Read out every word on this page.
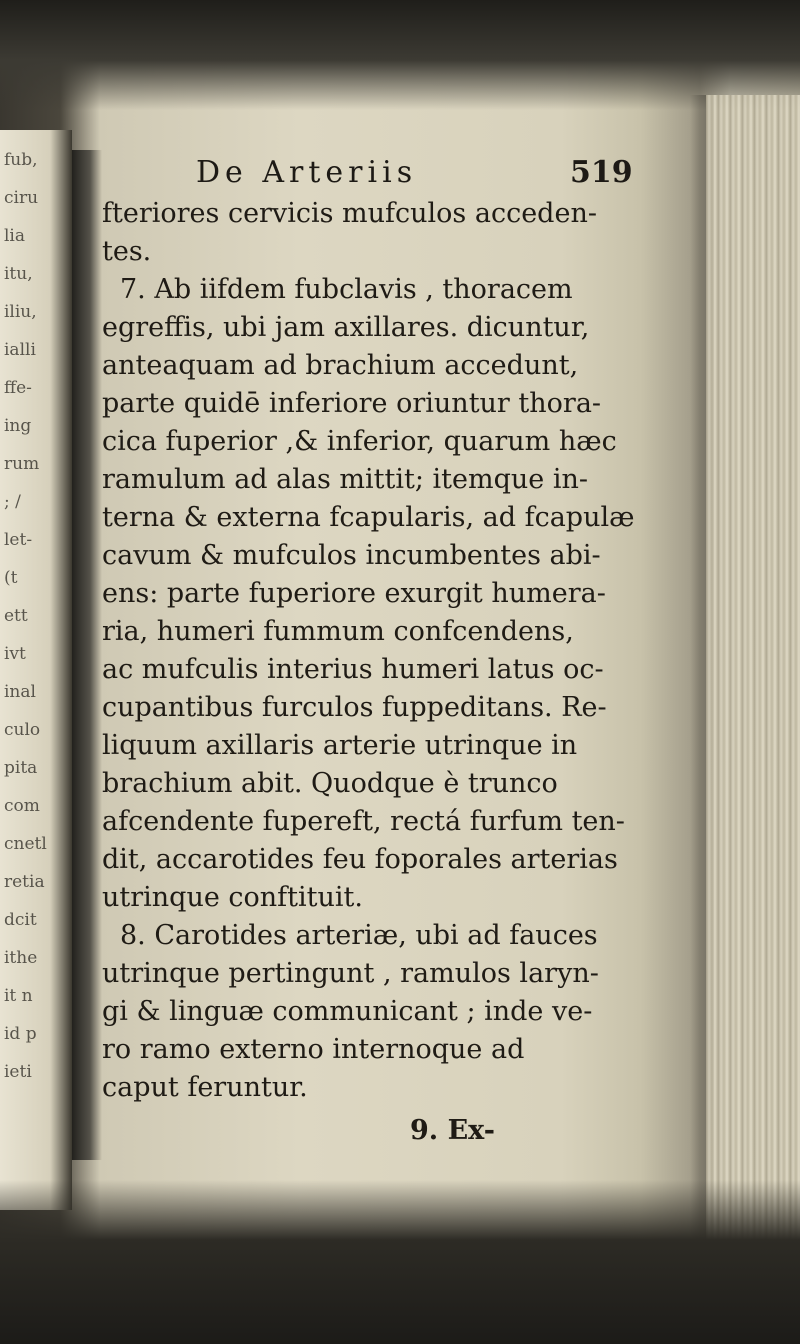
fub,
ciru
lia
itu,
iliu,
ialli
ffe-
ing
rum
; /
let-
(t
ett
ivt
inal
culo
pita
com
cnetl
retia
dcit
ithe
it n
id p
ieti
De Arteriis	519
fteriores cervicis mufculos acceden-
tes.
7. Ab iifdem fubclavis , thoracem
egreffis, ubi jam axillares. dicuntur,
anteaquam ad brachium accedunt,
parte quidē inferiore oriuntur thora-
cica fuperior ,& inferior, quarum hæc
ramulum ad alas mittit; itemque in-
terna & externa fcapularis, ad fcapulæ
cavum & mufculos incumbentes abi-
ens: parte fuperiore exurgit humera-
ria, humeri fummum confcendens,
ac mufculis interius humeri latus oc-
cupantibus furculos fuppeditans. Re-
liquum axillaris arterie utrinque in
brachium abit. Quodque è trunco
afcendente fupereft, rectá furfum ten-
dit, accarotides feu foporales arterias
utrinque conftituit.
8. Carotides arteriæ, ubi ad fauces
utrinque pertingunt , ramulos laryn-
gi & linguæ communicant ; inde ve-
ro ramo externo internoque ad
caput feruntur.
9. Ex-
